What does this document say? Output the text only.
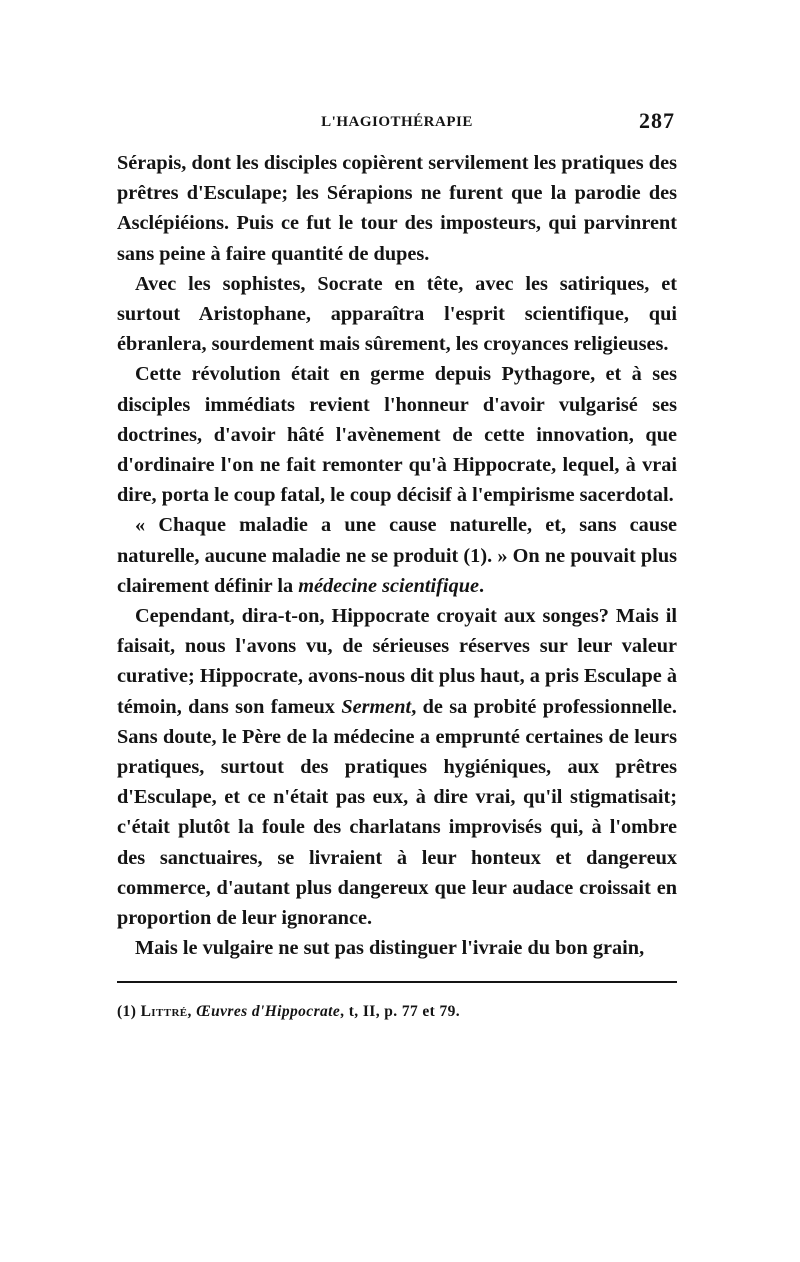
L'HAGIOTHÉRAPIE	287

Sérapis, dont les disciples copièrent servilement les pratiques des prêtres d'Esculape; les Sérapions ne furent que la parodie des Asclépiéions. Puis ce fut le tour des imposteurs, qui parvinrent sans peine à faire quantité de dupes.

Avec les sophistes, Socrate en tête, avec les satiriques, et surtout Aristophane, apparaîtra l'esprit scientifique, qui ébranlera, sourdement mais sûrement, les croyances religieuses.

Cette révolution était en germe depuis Pythagore, et à ses disciples immédiats revient l'honneur d'avoir vulgarisé ses doctrines, d'avoir hâté l'avènement de cette innovation, que d'ordinaire l'on ne fait remonter qu'à Hippocrate, lequel, à vrai dire, porta le coup fatal, le coup décisif à l'empirisme sacerdotal.

« Chaque maladie a une cause naturelle, et, sans cause naturelle, aucune maladie ne se produit (1). » On ne pouvait plus clairement définir la médecine scientifique.

Cependant, dira-t-on, Hippocrate croyait aux songes? Mais il faisait, nous l'avons vu, de sérieuses réserves sur leur valeur curative; Hippocrate, avons-nous dit plus haut, a pris Esculape à témoin, dans son fameux Serment, de sa probité professionnelle. Sans doute, le Père de la médecine a emprunté certaines de leurs pratiques, surtout des pratiques hygiéniques, aux prêtres d'Esculape, et ce n'était pas eux, à dire vrai, qu'il stigmatisait; c'était plutôt la foule des charlatans improvisés qui, à l'ombre des sanctuaires, se livraient à leur honteux et dangereux commerce, d'autant plus dangereux que leur audace croissait en proportion de leur ignorance.

Mais le vulgaire ne sut pas distinguer l'ivraie du bon grain,

(1) Littré, Œuvres d'Hippocrate, t, II, p. 77 et 79.
